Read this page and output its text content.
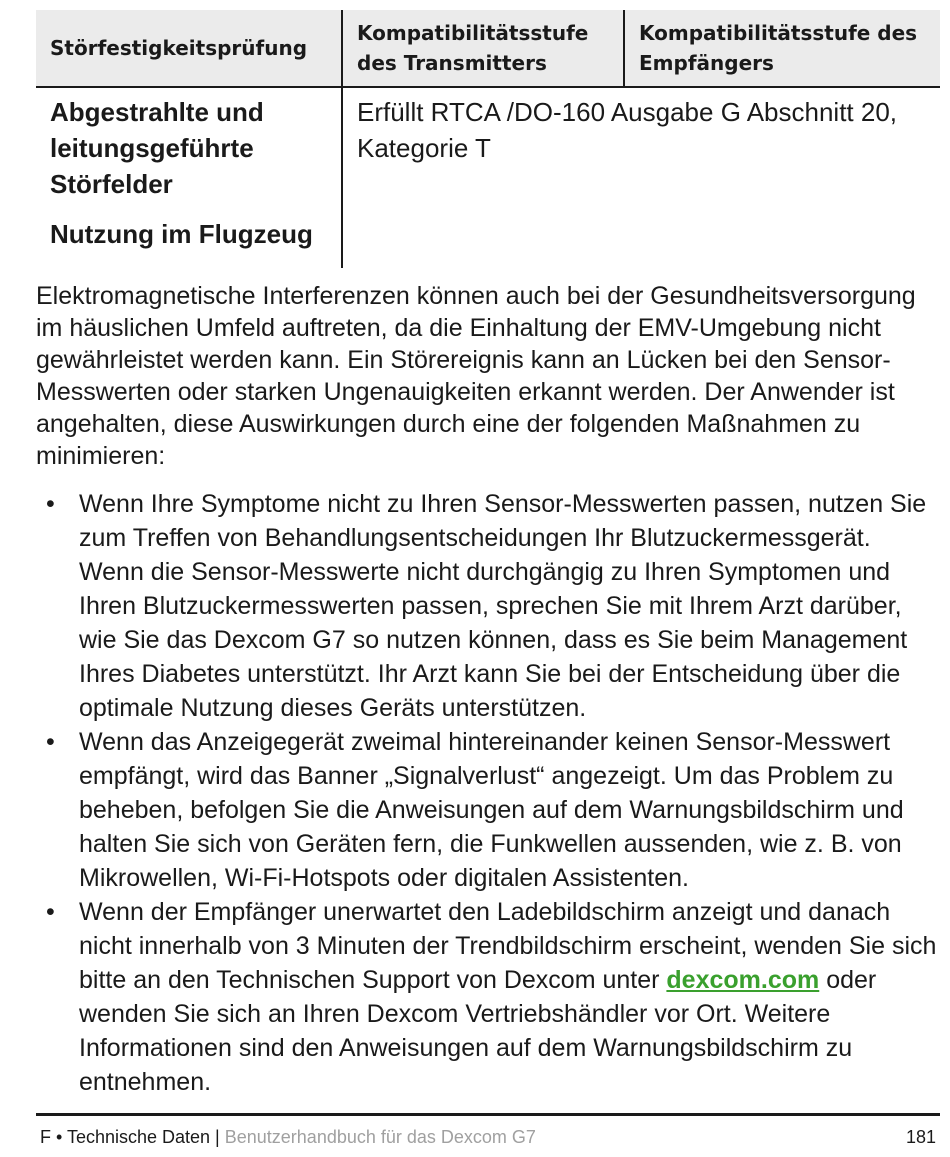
Störfestigkeitsprüfung
Kompatibilitätsstufe des Transmitters
Kompatibilitätsstufe des Empfängers
Abgestrahlte und leitungsgeführte Störfelder
Nutzung im Flugzeug
Erfüllt RTCA /DO-160 Ausgabe G Abschnitt 20, Kategorie T

Elektromagnetische Interferenzen können auch bei der Gesundheitsversorgung im häuslichen Umfeld auftreten, da die Einhaltung der EMV-Umgebung nicht gewährleistet werden kann. Ein Störereignis kann an Lücken bei den Sensor-Messwerten oder starken Ungenauigkeiten erkannt werden. Der Anwender ist angehalten, diese Auswirkungen durch eine der folgenden Maßnahmen zu minimieren:

• Wenn Ihre Symptome nicht zu Ihren Sensor-Messwerten passen, nutzen Sie zum Treffen von Behandlungsentscheidungen Ihr Blutzuckermessgerät. Wenn die Sensor-Messwerte nicht durchgängig zu Ihren Symptomen und Ihren Blutzuckermesswerten passen, sprechen Sie mit Ihrem Arzt darüber, wie Sie das Dexcom G7 so nutzen können, dass es Sie beim Management Ihres Diabetes unterstützt. Ihr Arzt kann Sie bei der Entscheidung über die optimale Nutzung dieses Geräts unterstützen.
• Wenn das Anzeigegerät zweimal hintereinander keinen Sensor-Messwert empfängt, wird das Banner „Signalverlust“ angezeigt. Um das Problem zu beheben, befolgen Sie die Anweisungen auf dem Warnungsbildschirm und halten Sie sich von Geräten fern, die Funkwellen aussenden, wie z. B. von Mikrowellen, Wi-Fi-Hotspots oder digitalen Assistenten.
• Wenn der Empfänger unerwartet den Ladebildschirm anzeigt und danach nicht innerhalb von 3 Minuten der Trendbildschirm erscheint, wenden Sie sich bitte an den Technischen Support von Dexcom unter dexcom.com oder wenden Sie sich an Ihren Dexcom Vertriebshändler vor Ort. Weitere Informationen sind den Anweisungen auf dem Warnungsbildschirm zu entnehmen.
F • Technische Daten | Benutzerhandbuch für das Dexcom G7	181
